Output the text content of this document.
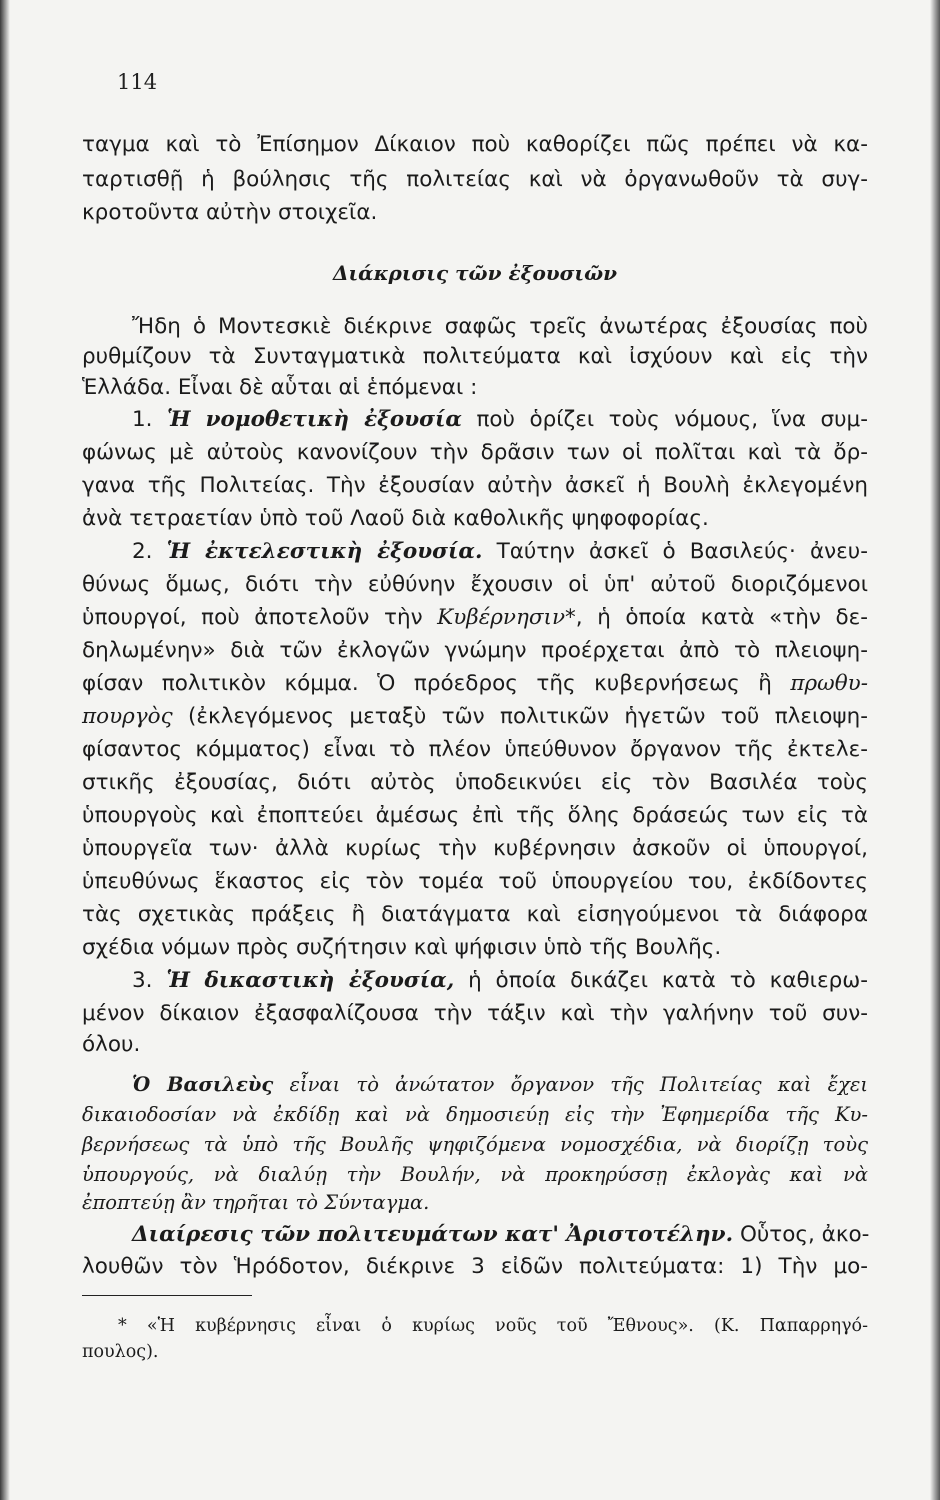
114
ταγμα καὶ τὸ Ἐπίσημον Δίκαιον ποὺ καθορίζει πῶς πρέπει νὰ κα-
ταρτισθῇ ἡ βούλησις τῆς πολιτείας καὶ νὰ ὀργανωθοῦν τὰ συγ-
κροτοῦντα αὐτὴν στοιχεῖα.
Διάκρισις τῶν ἐξουσιῶν
Ἤδη ὁ Μοντεσκιὲ διέκρινε σαφῶς τρεῖς ἀνωτέρας ἐξουσίας ποὺ
ρυθμίζουν τὰ Συνταγματικὰ πολιτεύματα καὶ ἰσχύουν καὶ εἰς τὴν
Ἑλλάδα. Εἶναι δὲ αὗται αἱ ἑπόμεναι :
1. Ἡ νομοθετικὴ ἐξουσία ποὺ ὁρίζει τοὺς νόμους, ἵνα συμ-
φώνως μὲ αὐτοὺς κανονίζουν τὴν δρᾶσιν των οἱ πολῖται καὶ τὰ ὄρ-
γανα τῆς Πολιτείας. Τὴν ἐξουσίαν αὐτὴν ἀσκεῖ ἡ Βουλὴ ἐκλεγομένη
ἀνὰ τετραετίαν ὑπὸ τοῦ Λαοῦ διὰ καθολικῆς ψηφοφορίας.
2. Ἡ ἐκτελεστικὴ ἐξουσία. Ταύτην ἀσκεῖ ὁ Βασιλεύς· ἀνευ-
θύνως ὅμως, διότι τὴν εὐθύνην ἔχουσιν οἱ ὑπ' αὐτοῦ διοριζόμενοι
ὑπουργοί, ποὺ ἀποτελοῦν τὴν Κυβέρνησιν*, ἡ ὁποία κατὰ «τὴν δε-
δηλωμένην» διὰ τῶν ἐκλογῶν γνώμην προέρχεται ἀπὸ τὸ πλειοψη-
φίσαν πολιτικὸν κόμμα. Ὁ πρόεδρος τῆς κυβερνήσεως ἢ πρωθυ-
πουργὸς (ἐκλεγόμενος μεταξὺ τῶν πολιτικῶν ἡγετῶν τοῦ πλειοψη-
φίσαντος κόμματος) εἶναι τὸ πλέον ὑπεύθυνον ὄργανον τῆς ἐκτελε-
στικῆς ἐξουσίας, διότι αὐτὸς ὑποδεικνύει εἰς τὸν Βασιλέα τοὺς
ὑπουργοὺς καὶ ἐποπτεύει ἀμέσως ἐπὶ τῆς ὅλης δράσεώς των εἰς τὰ
ὑπουργεῖα των· ἀλλὰ κυρίως τὴν κυβέρνησιν ἀσκοῦν οἱ ὑπουργοί,
ὑπευθύνως ἕκαστος εἰς τὸν τομέα τοῦ ὑπουργείου του, ἐκδίδοντες
τὰς σχετικὰς πράξεις ἢ διατάγματα καὶ εἰσηγούμενοι τὰ διάφορα
σχέδια νόμων πρὸς συζήτησιν καὶ ψήφισιν ὑπὸ τῆς Βουλῆς.
3. Ἡ δικαστικὴ ἐξουσία, ἡ ὁποία δικάζει κατὰ τὸ καθιερω-
μένον δίκαιον ἐξασφαλίζουσα τὴν τάξιν καὶ τὴν γαλήνην τοῦ συν-
όλου.
Ὁ Βασιλεὺς εἶναι τὸ ἀνώτατον ὄργανον τῆς Πολιτείας καὶ ἔχει
δικαιοδοσίαν νὰ ἐκδίδῃ καὶ νὰ δημοσιεύῃ εἰς τὴν Ἐφημερίδα τῆς Κυ-
βερνήσεως τὰ ὑπὸ τῆς Βουλῆς ψηφιζόμενα νομοσχέδια, νὰ διορίζῃ τοὺς
ὑπουργούς, νὰ διαλύῃ τὴν Βουλήν, νὰ προκηρύσσῃ ἐκλογὰς καὶ νὰ
ἐποπτεύῃ ἂν τηρῆται τὸ Σύνταγμα.
Διαίρεσις τῶν πολιτευμάτων κατ' Ἀριστοτέλην. Οὗτος, ἀκο-
λουθῶν τὸν Ἡρόδοτον, διέκρινε 3 εἰδῶν πολιτεύματα: 1) Τὴν μο-
* «Ἡ κυβέρνησις εἶναι ὁ κυρίως νοῦς τοῦ Ἔθνους». (Κ. Παπαρρηγό-
πουλος).
